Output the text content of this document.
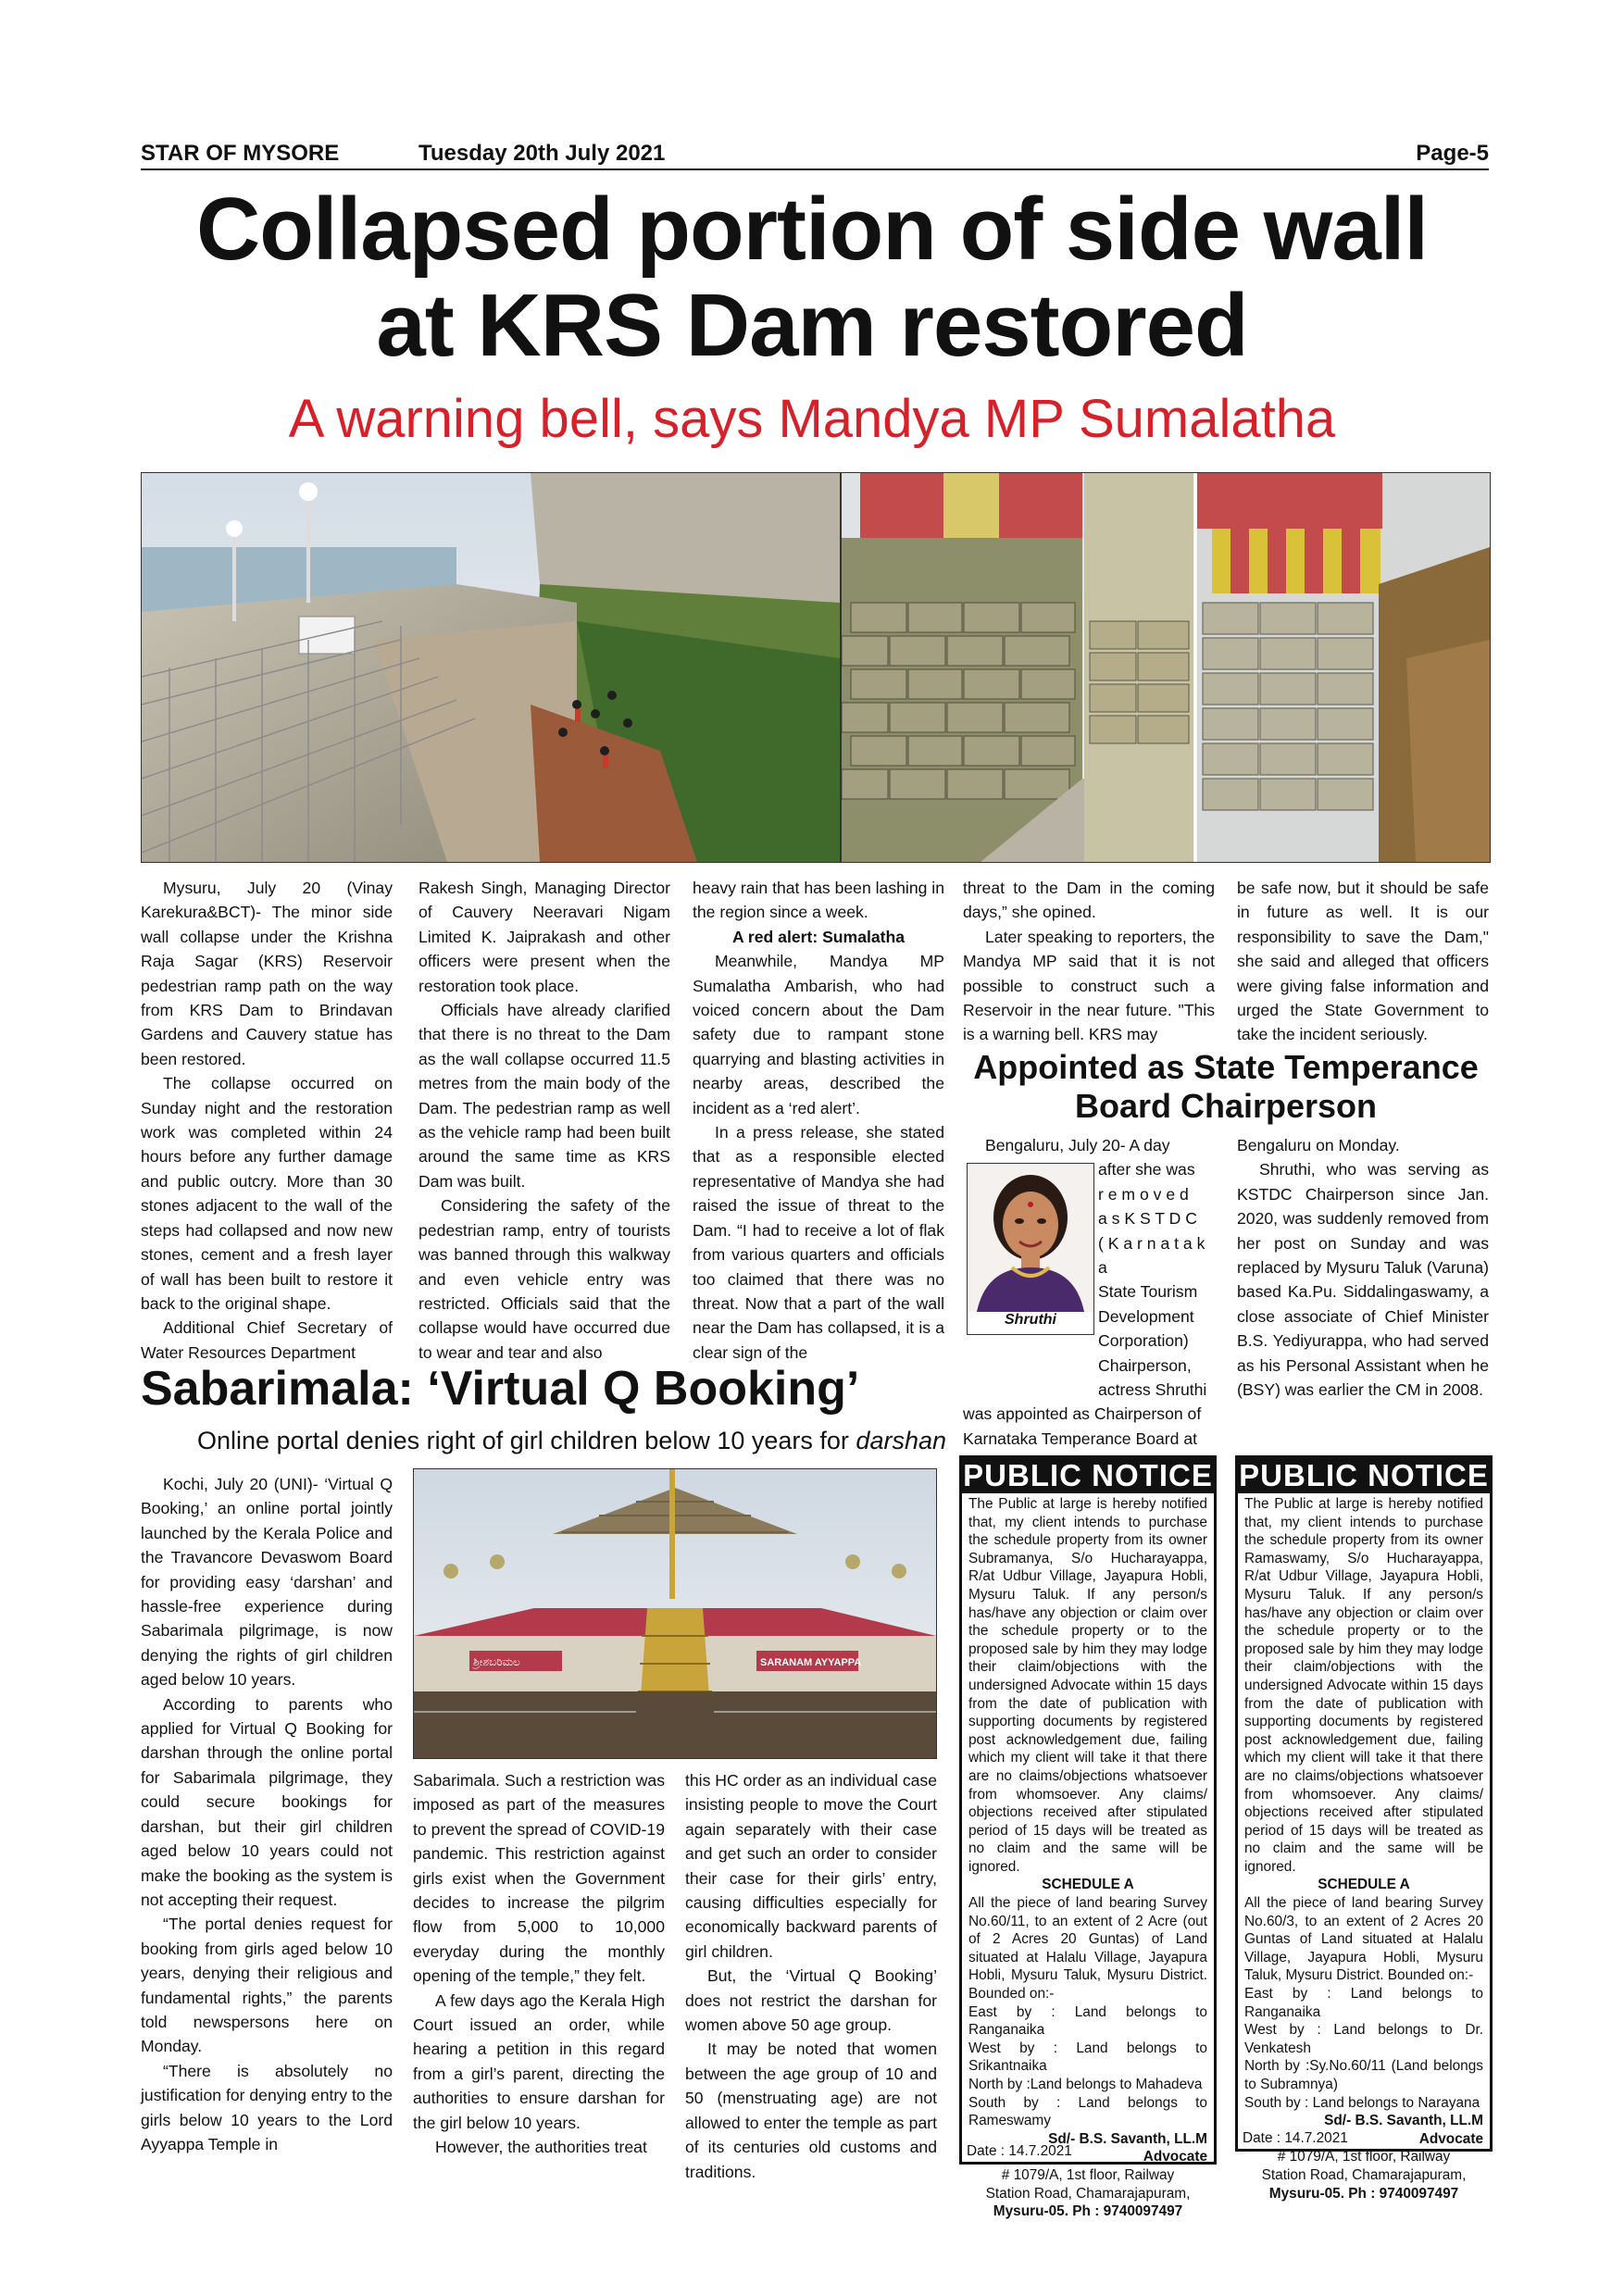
STAR OF MYSORE	Tuesday 20th July 2021	Page-5
Collapsed portion of side wall
at KRS Dam restored
A warning bell, says Mandya MP Sumalatha

Mysuru, July 20 (Vinay Karekura&BCT)- The minor side wall collapse under the Krishna Raja Sagar (KRS) Reservoir pedestrian ramp path on the way from KRS Dam to Brindavan Gardens and Cauvery statue has been restored.

The collapse occurred on Sunday night and the restoration work was completed within 24 hours before any further damage and public outcry. More than 30 stones adjacent to the wall of the steps had collapsed and now new stones, cement and a fresh layer of wall has been built to restore it back to the original shape.

Additional Chief Secretary of Water Resources Department

Rakesh Singh, Managing Director of Cauvery Neeravari Nigam Limited K. Jaiprakash and other officers were present when the restoration took place.

Officials have already clarified that there is no threat to the Dam as the wall collapse occurred 11.5 metres from the main body of the Dam. The pedestrian ramp as well as the vehicle ramp had been built around the same time as KRS Dam was built.

Considering the safety of the pedestrian ramp, entry of tourists was banned through this walkway and even vehicle entry was restricted. Officials said that the collapse would have occurred due to wear and tear and also

heavy rain that has been lashing in the region since a week.

A red alert: Sumalatha

Meanwhile, Mandya MP Sumalatha Ambarish, who had voiced concern about the Dam safety due to rampant stone quarrying and blasting activities in nearby areas, described the incident as a ‘red alert’.

In a press release, she stated that as a responsible elected representative of Mandya she had raised the issue of threat to the Dam. “I had to receive a lot of flak from various quarters and officials too claimed that there was no threat. Now that a part of the wall near the Dam has collapsed, it is a clear sign of the

threat to the Dam in the coming days,” she opined.

Later speaking to reporters, the Mandya MP said that it is not possible to construct such a Reservoir in the near future. "This is a warning bell. KRS may

be safe now, but it should be safe in future as well. It is our responsibility to save the Dam," she said and alleged that officers were giving false information and urged the State Government to take the incident seriously.

Appointed as State Temperance
Board Chairperson
Bengaluru, July 20- A day
after she was
r e m o v e d
a s K S T D C
( K a r n a t a k a
State Tourism
Development
Corporation)
Chairperson,
actress Shruthi
was appointed as Chairperson of
Karnataka Temperance Board at
Shruthi

Bengaluru on Monday.

Shruthi, who was serving as KSTDC Chairperson since Jan. 2020, was suddenly removed from her post on Sunday and was replaced by Mysuru Taluk (Varuna) based Ka.Pu. Siddalingaswamy, a close associate of Chief Minister B.S. Yediyurappa, who had served as his Personal Assistant when he (BSY) was earlier the CM in 2008.

Sabarimala: ‘Virtual Q Booking’
Online portal denies right of girl children below 10 years for darshan

Kochi, July 20 (UNI)- ‘Virtual Q Booking,’ an online portal jointly launched by the Kerala Police and the Travancore Devaswom Board for providing easy ‘darshan’ and hassle-free experience during Sabarimala pilgrimage, is now denying the rights of girl children aged below 10 years.

According to parents who applied for Virtual Q Booking for darshan through the online portal for Sabarimala pilgrimage, they could secure bookings for darshan, but their girl children aged below 10 years could not make the booking as the system is not accepting their request.

“The portal denies request for booking from girls aged below 10 years, denying their religious and fundamental rights,” the parents told newspersons here on Monday.

“There is absolutely no justification for denying entry to the girls below 10 years to the Lord Ayyappa Temple in

ಶ್ರೀಶಬರಿಮಲ	SARANAM AYYAPPA

Sabarimala. Such a restriction was imposed as part of the measures to prevent the spread of COVID-19 pandemic. This restriction against girls exist when the Government decides to increase the pilgrim flow from 5,000 to 10,000 everyday during the monthly opening of the temple,” they felt.

A few days ago the Kerala High Court issued an order, while hearing a petition in this regard from a girl’s parent, directing the authorities to ensure darshan for the girl below 10 years.

However, the authorities treat

this HC order as an individual case insisting people to move the Court again separately with their case and get such an order to consider their case for their girls’ entry, causing difficulties especially for economically backward parents of girl children.

But, the ‘Virtual Q Booking’ does not restrict the darshan for women above 50 age group.

It may be noted that women between the age group of 10 and 50 (menstruating age) are not allowed to enter the temple as part of its centuries old customs and traditions.

PUBLIC NOTICE
The Public at large is hereby notified that, my client intends to purchase the schedule property from its owner Subramanya, S/o Hucharayappa, R/at Udbur Village, Jayapura Hobli, Mysuru Taluk. If any person/s has/have any objection or claim over the schedule property or to the proposed sale by him they may lodge their claim/objections with the undersigned Advocate within 15 days from the date of publication with supporting documents by registered post acknowledgement due, failing which my client will take it that there are no claims/objections whatsoever from whomsoever. Any claims/ objections received after stipulated period of 15 days will be treated as no claim and the same will be ignored.
SCHEDULE A
All the piece of land bearing Survey No.60/11, to an extent of 2 Acre (out of 2 Acres 20 Guntas) of Land situated at Halalu Village, Jayapura Hobli, Mysuru Taluk, Mysuru District. Bounded on:-
East by : Land belongs to Ranganaika
West by : Land belongs to Srikantnaika
North by :Land belongs to Mahadeva
South by : Land belongs to Rameswamy
Sd/- B.S. Savanth, LL.M
Advocate
# 1079/A, 1st floor, Railway
Station Road, Chamarajapuram,
Mysuru-05. Ph : 9740097497
Date : 14.7.2021
PUBLIC NOTICE
The Public at large is hereby notified that, my client intends to purchase the schedule property from its owner Ramaswamy, S/o Hucharayappa, R/at Udbur Village, Jayapura Hobli, Mysuru Taluk. If any person/s has/have any objection or claim over the schedule property or to the proposed sale by him they may lodge their claim/objections with the undersigned Advocate within 15 days from the date of publication with supporting documents by registered post acknowledgement due, failing which my client will take it that there are no claims/objections whatsoever from whomsoever. Any claims/ objections received after stipulated period of 15 days will be treated as no claim and the same will be ignored.
SCHEDULE A
All the piece of land bearing Survey No.60/3, to an extent of 2 Acres 20 Guntas of Land situated at Halalu Village, Jayapura Hobli, Mysuru Taluk, Mysuru District. Bounded on:-
East by : Land belongs to Ranganaika
West by : Land belongs to Dr. Venkatesh
North by :Sy.No.60/11 (Land belongs to Subramnya)
South by : Land belongs to Narayana
Sd/- B.S. Savanth, LL.M
Advocate
# 1079/A, 1st floor, Railway
Station Road, Chamarajapuram,
Mysuru-05. Ph : 9740097497
Date : 14.7.2021
